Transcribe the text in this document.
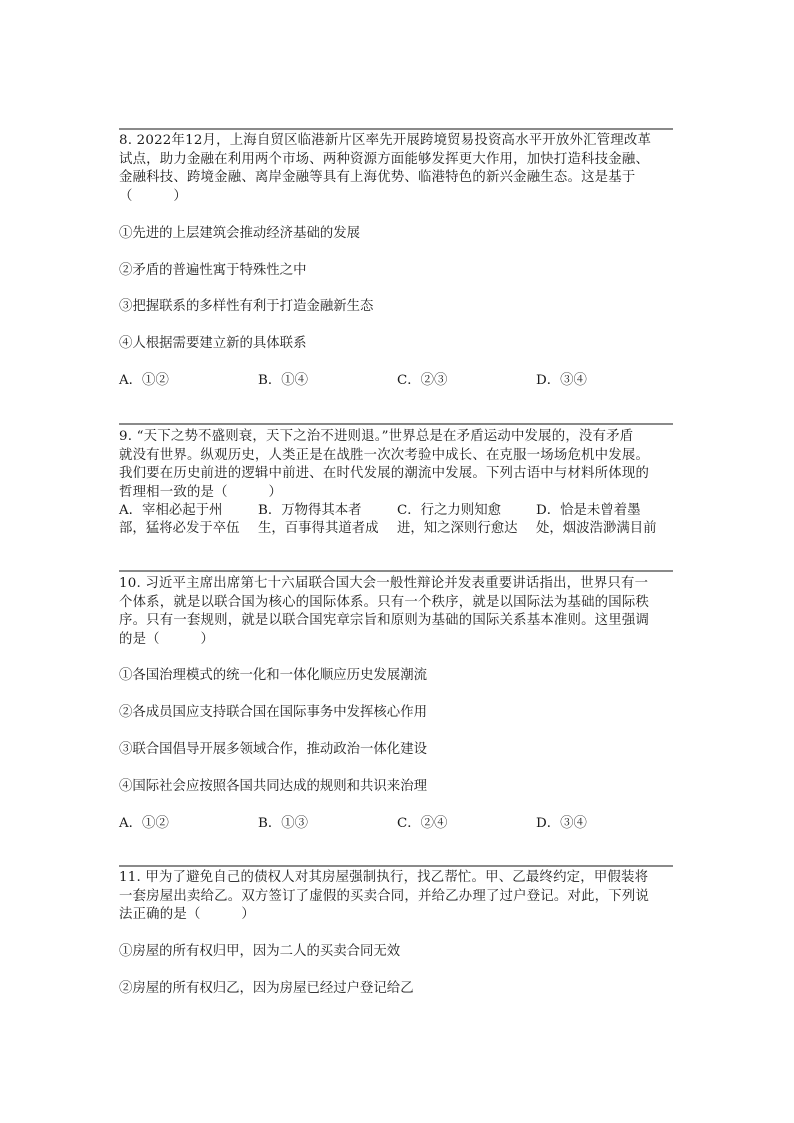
8. 2022年12月，上海自贸区临港新片区率先开展跨境贸易投资高水平开放外汇管理改革
试点，助力金融在利用两个市场、两种资源方面能够发挥更大作用，加快打造科技金融、
金融科技、跨境金融、离岸金融等具有上海优势、临港特色的新兴金融生态。这是基于
（　　　）
①先进的上层建筑会推动经济基础的发展
②矛盾的普遍性寓于特殊性之中
③把握联系的多样性有利于打造金融新生态
④人根据需要建立新的具体联系
A．①②	B．①④	C．②③	D．③④
9. “天下之势不盛则衰，天下之治不进则退。”世界总是在矛盾运动中发展的，没有矛盾
就没有世界。纵观历史，人类正是在战胜一次次考验中成长、在克服一场场危机中发展。
我们要在历史前进的逻辑中前进、在时代发展的潮流中发展。下列古语中与材料所体现的
哲理相一致的是（　　　）
A．宰相必起于州	B．万物得其本者	C．行之力则知愈	D．恰是未曾着墨
部，猛将必发于卒伍 生，百事得其道者成 进，知之深则行愈达 处，烟波浩渺满目前
10. 习近平主席出席第七十六届联合国大会一般性辩论并发表重要讲话指出，世界只有一
个体系，就是以联合国为核心的国际体系。只有一个秩序，就是以国际法为基础的国际秩
序。只有一套规则，就是以联合国宪章宗旨和原则为基础的国际关系基本准则。这里强调
的是（　　　）
①各国治理模式的统一化和一体化顺应历史发展潮流
②各成员国应支持联合国在国际事务中发挥核心作用
③联合国倡导开展多领域合作，推动政治一体化建设
④国际社会应按照各国共同达成的规则和共识来治理
A．①②	B．①③	C．②④	D．③④
11. 甲为了避免自己的债权人对其房屋强制执行，找乙帮忙。甲、乙最终约定，甲假装将
一套房屋出卖给乙。双方签订了虚假的买卖合同，并给乙办理了过户登记。对此，下列说
法正确的是（　　　）
①房屋的所有权归甲，因为二人的买卖合同无效
②房屋的所有权归乙，因为房屋已经过户登记给乙
